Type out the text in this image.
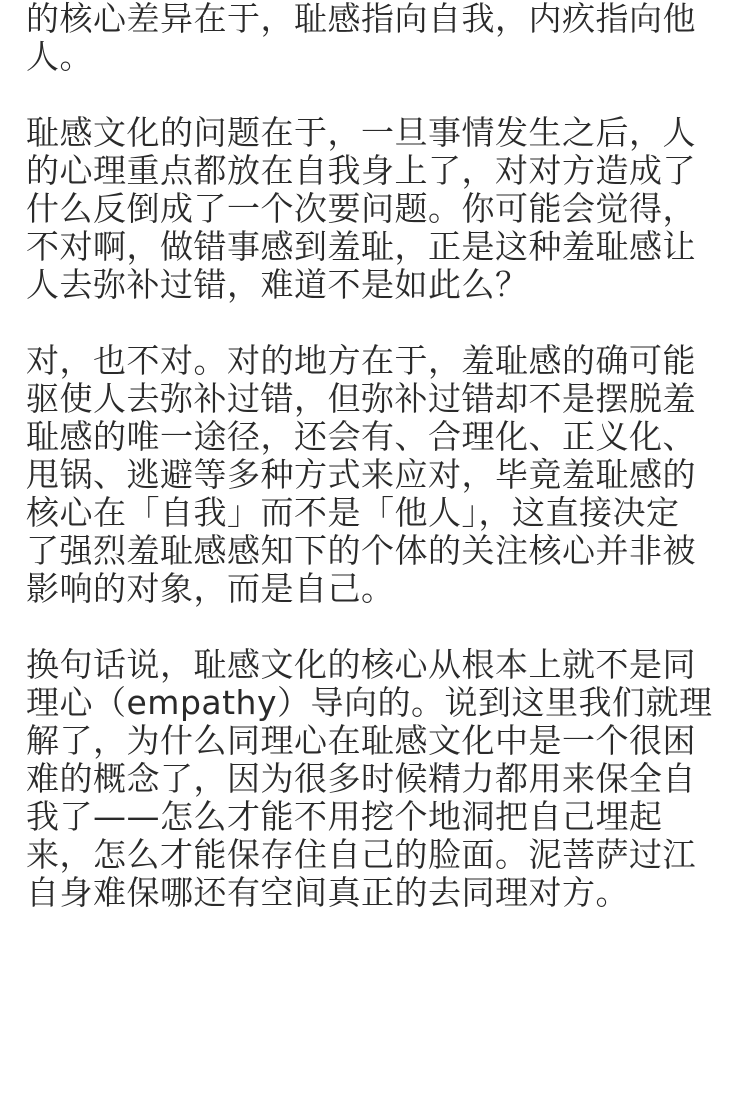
的核心差异在于，耻感指向自我，内疚指向他
人。
耻感文化的问题在于，一旦事情发生之后，人
的心理重点都放在自我身上了，对对方造成了
什么反倒成了一个次要问题。你可能会觉得，
不对啊，做错事感到羞耻，正是这种羞耻感让
人去弥补过错，难道不是如此么？
对，也不对。对的地方在于，羞耻感的确可能
驱使人去弥补过错，但弥补过错却不是摆脱羞
耻感的唯一途径，还会有、合理化、正义化、
甩锅、逃避等多种方式来应对，毕竟羞耻感的
核心在「自我」而不是「他人」，这直接决定
了强烈羞耻感感知下的个体的关注核心并非被
影响的对象，而是自己。
换句话说，耻感文化的核心从根本上就不是同
理心（empathy）导向的。说到这里我们就理
解了，为什么同理心在耻感文化中是一个很困
难的概念了，因为很多时候精力都用来保全自
我了——怎么才能不用挖个地洞把自己埋起
来，怎么才能保存住自己的脸面。泥菩萨过江
自身难保哪还有空间真正的去同理对方。
